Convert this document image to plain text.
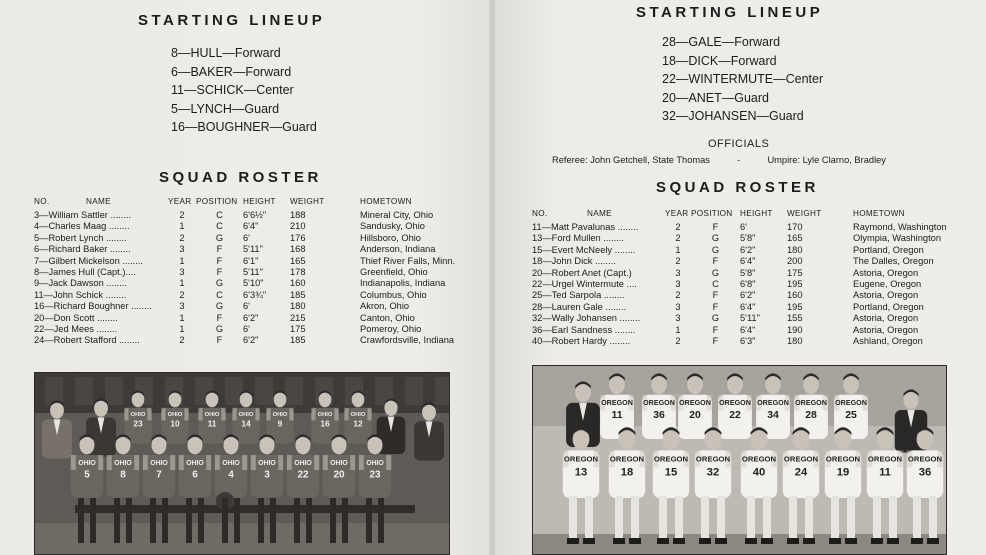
STARTING LINEUP
8—HULL—Forward
6—BAKER—Forward
11—SCHICK—Center
5—LYNCH—Guard
16—BOUGHNER—Guard
SQUAD ROSTER
NO.	NAME	YEAR	POSITION	HEIGHT	WEIGHT	HOMETOWN
3—William Sattler ........		2	C	6'6½"	188	Mineral City, Ohio
4—Charles Maag ........		1	C	6'4"	210	Sandusky, Ohio
5—Robert Lynch ........		2	G	6'	176	Hillsboro, Ohio
6—Richard Baker ........		3	F	5'11"	168	Anderson, Indiana
7—Gilbert Mickelson ........		1	F	6'1"	165	Thief River Falls, Minn.
8—James Hull (Capt.)....		3	F	5'11"	178	Greenfield, Ohio
9—Jack Dawson ........		1	G	5'10"	160	Indianapolis, Indiana
11—John Schick ........		2	C	6'3¾"	185	Columbus, Ohio
16—Richard Boughner ........		3	G	6'	180	Akron, Ohio
20—Don Scott ........		1	F	6'2"	215	Canton, Ohio
22—Jed Mees ........		1	G	6'	175	Pomeroy, Ohio
24—Robert Stafford ........		2	F	6'2"	185	Crawfordsville, Indiana
OHIO
23
OHIO
10
OHIO
11
OHIO
14
OHIO
9
OHIO
16
OHIO
12
OHIO
5
OHIO
8
OHIO
7
OHIO
6
OHIO
4
OHIO
3
OHIO
22
OHIO
20
OHIO
23
STARTING LINEUP
28—GALE—Forward
18—DICK—Forward
22—WINTERMUTE—Center
20—ANET—Guard
32—JOHANSEN—Guard
OFFICIALS
Referee: John Getchell, State Thomas	-	Umpire: Lyle Clarno, Bradley
SQUAD ROSTER
NO.	NAME	YEAR	POSITION	HEIGHT	WEIGHT	HOMETOWN
11—Matt Pavalunas ........		2	F	6'	170	Raymond, Washington
13—Ford Mullen ........		2	G	5'8"	165	Olympia, Washington
15—Evert McNeely ........		1	G	6'2"	180	Portland, Oregon
18—John Dick ........		2	F	6'4"	200	The Dalles, Oregon
20—Robert Anet (Capt.)		3	G	5'8"	175	Astoria, Oregon
22—Urgel Wintermute ....		3	C	6'8"	195	Eugene, Oregon
25—Ted Sarpola ........		2	F	6'2"	160	Astoria, Oregon
28—Lauren Gale ........		3	F	6'4"	195	Portland, Oregon
32—Wally Johansen ........		3	G	5'11"	155	Astoria, Oregon
36—Earl Sandness ........		1	F	6'4"	190	Astoria, Oregon
40—Robert Hardy ........		2	F	6'3"	180	Ashland, Oregon
OREGON
11
OREGON
36
OREGON
20
OREGON
22
OREGON
34
OREGON
28
OREGON
25
OREGON
13
OREGON
18
OREGON
15
OREGON
32
OREGON
40
OREGON
24
OREGON
19
OREGON
11
OREGON
36
